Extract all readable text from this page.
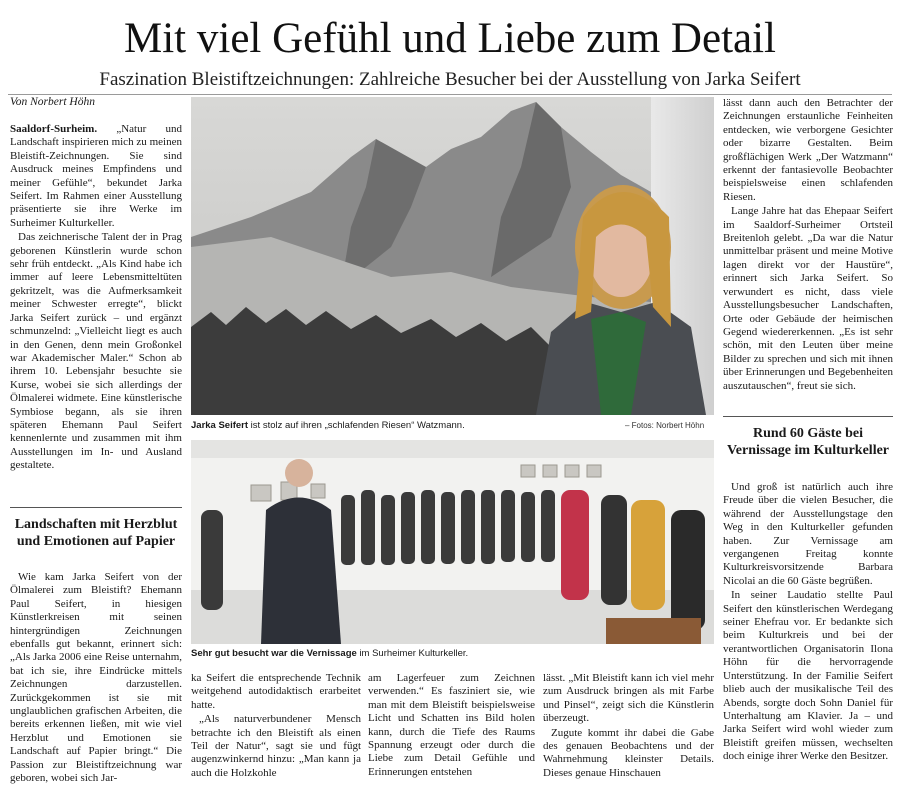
Mit viel Gefühl und Liebe zum Detail
Faszination Bleistiftzeichnungen: Zahlreiche Besucher bei der Ausstellung von Jarka Seifert
Von Norbert Höhn

Saaldorf-Surheim. „Natur und Landschaft inspirieren mich zu meinen Bleistift-Zeichnungen. Sie sind Ausdruck meines Empfindens und meiner Gefühle“, bekundet Jarka Seifert. Im Rahmen einer Ausstellung präsentierte sie ihre Werke im Surheimer Kulturkeller.

Das zeichnerische Talent der in Prag geborenen Künstlerin wurde schon sehr früh entdeckt. „Als Kind habe ich immer auf leere Lebensmitteltüten gekritzelt, was die Aufmerksamkeit meiner Schwester erregte“, blickt Jarka Seifert zurück – und ergänzt schmunzelnd: „Vielleicht liegt es auch in den Genen, denn mein Großonkel war Akademischer Maler.“ Schon ab ihrem 10. Lebensjahr besuchte sie Kurse, wobei sie sich allerdings der Ölmalerei widmete. Eine künstlerische Symbiose begann, als sie ihren späteren Ehemann Paul Seifert kennenlernte und zusammen mit ihm Ausstellungen im In- und Ausland gestaltete.

Landschaften mit Herzblut und Emotionen auf Papier

Wie kam Jarka Seifert von der Ölmalerei zum Bleistift? Ehemann Paul Seifert, in hiesigen Künstlerkreisen mit seinen hintergründigen Zeichnungen ebenfalls gut bekannt, erinnert sich: „Als Jarka 2006 eine Reise unternahm, bat ich sie, ihre Eindrücke mittels Zeichnungen darzustellen. Zurückgekommen ist sie mit unglaublichen grafischen Arbeiten, die bereits erkennen ließen, mit wie viel Herzblut und Emotionen sie Landschaft auf Papier bringt.“ Die Passion zur Bleistiftzeichnung war geboren, wobei sich Jar-

Jarka Seifert ist stolz auf ihren „schlafenden Riesen“ Watzmann.	– Fotos: Norbert Höhn
Sehr gut besucht war die Vernissage im Surheimer Kulturkeller.

ka Seifert die entsprechende Technik weitgehend autodidaktisch erarbeitet hatte.

„Als naturverbundener Mensch betrachte ich den Bleistift als einen Teil der Natur“, sagt sie und fügt augenzwinkernd hinzu: „Man kann ja auch die Holzkohle

am Lagerfeuer zum Zeichnen verwenden.“ Es fasziniert sie, wie man mit dem Bleistift beispielsweise Licht und Schatten ins Bild holen kann, durch die Tiefe des Raums Spannung erzeugt oder durch die Liebe zum Detail Gefühle und Erinnerungen entstehen

lässt. „Mit Bleistift kann ich viel mehr zum Ausdruck bringen als mit Farbe und Pinsel“, zeigt sich die Künstlerin überzeugt.

Zugute kommt ihr dabei die Gabe des genauen Beobachtens und der Wahrnehmung kleinster Details. Dieses genaue Hinschauen

lässt dann auch den Betrachter der Zeichnungen erstaunliche Feinheiten entdecken, wie verborgene Gesichter oder bizarre Gestalten. Beim großflächigen Werk „Der Watzmann“ erkennt der fantasievolle Beobachter beispielsweise einen schlafenden Riesen.

Lange Jahre hat das Ehepaar Seifert im Saaldorf-Surheimer Ortsteil Breitenloh gelebt. „Da war die Natur unmittelbar präsent und meine Motive lagen direkt vor der Haustüre“, erinnert sich Jarka Seifert. So verwundert es nicht, dass viele Ausstellungsbesucher Landschaften, Orte oder Gebäude der heimischen Gegend wiedererkennen. „Es ist sehr schön, mit den Leuten über meine Bilder zu sprechen und sich mit ihnen über Erinnerungen und Begebenheiten auszutauschen“, freut sie sich.

Rund 60 Gäste bei Vernissage im Kulturkeller

Und groß ist natürlich auch ihre Freude über die vielen Besucher, die während der Ausstellungstage den Weg in den Kulturkeller gefunden haben. Zur Vernissage am vergangenen Freitag konnte Kulturkreisvorsitzende Barbara Nicolai an die 60 Gäste begrüßen.

In seiner Laudatio stellte Paul Seifert den künstlerischen Werdegang seiner Ehefrau vor. Er bedankte sich beim Kulturkreis und bei der verantwortlichen Organisatorin Ilona Höhn für die hervorragende Unterstützung. In der Familie Seifert blieb auch der musikalische Teil des Abends, sorgte doch Sohn Daniel für Unterhaltung am Klavier. Ja – und Jarka Seifert wird wohl wieder zum Bleistift greifen müssen, wechselten doch einige ihrer Werke den Besitzer.
